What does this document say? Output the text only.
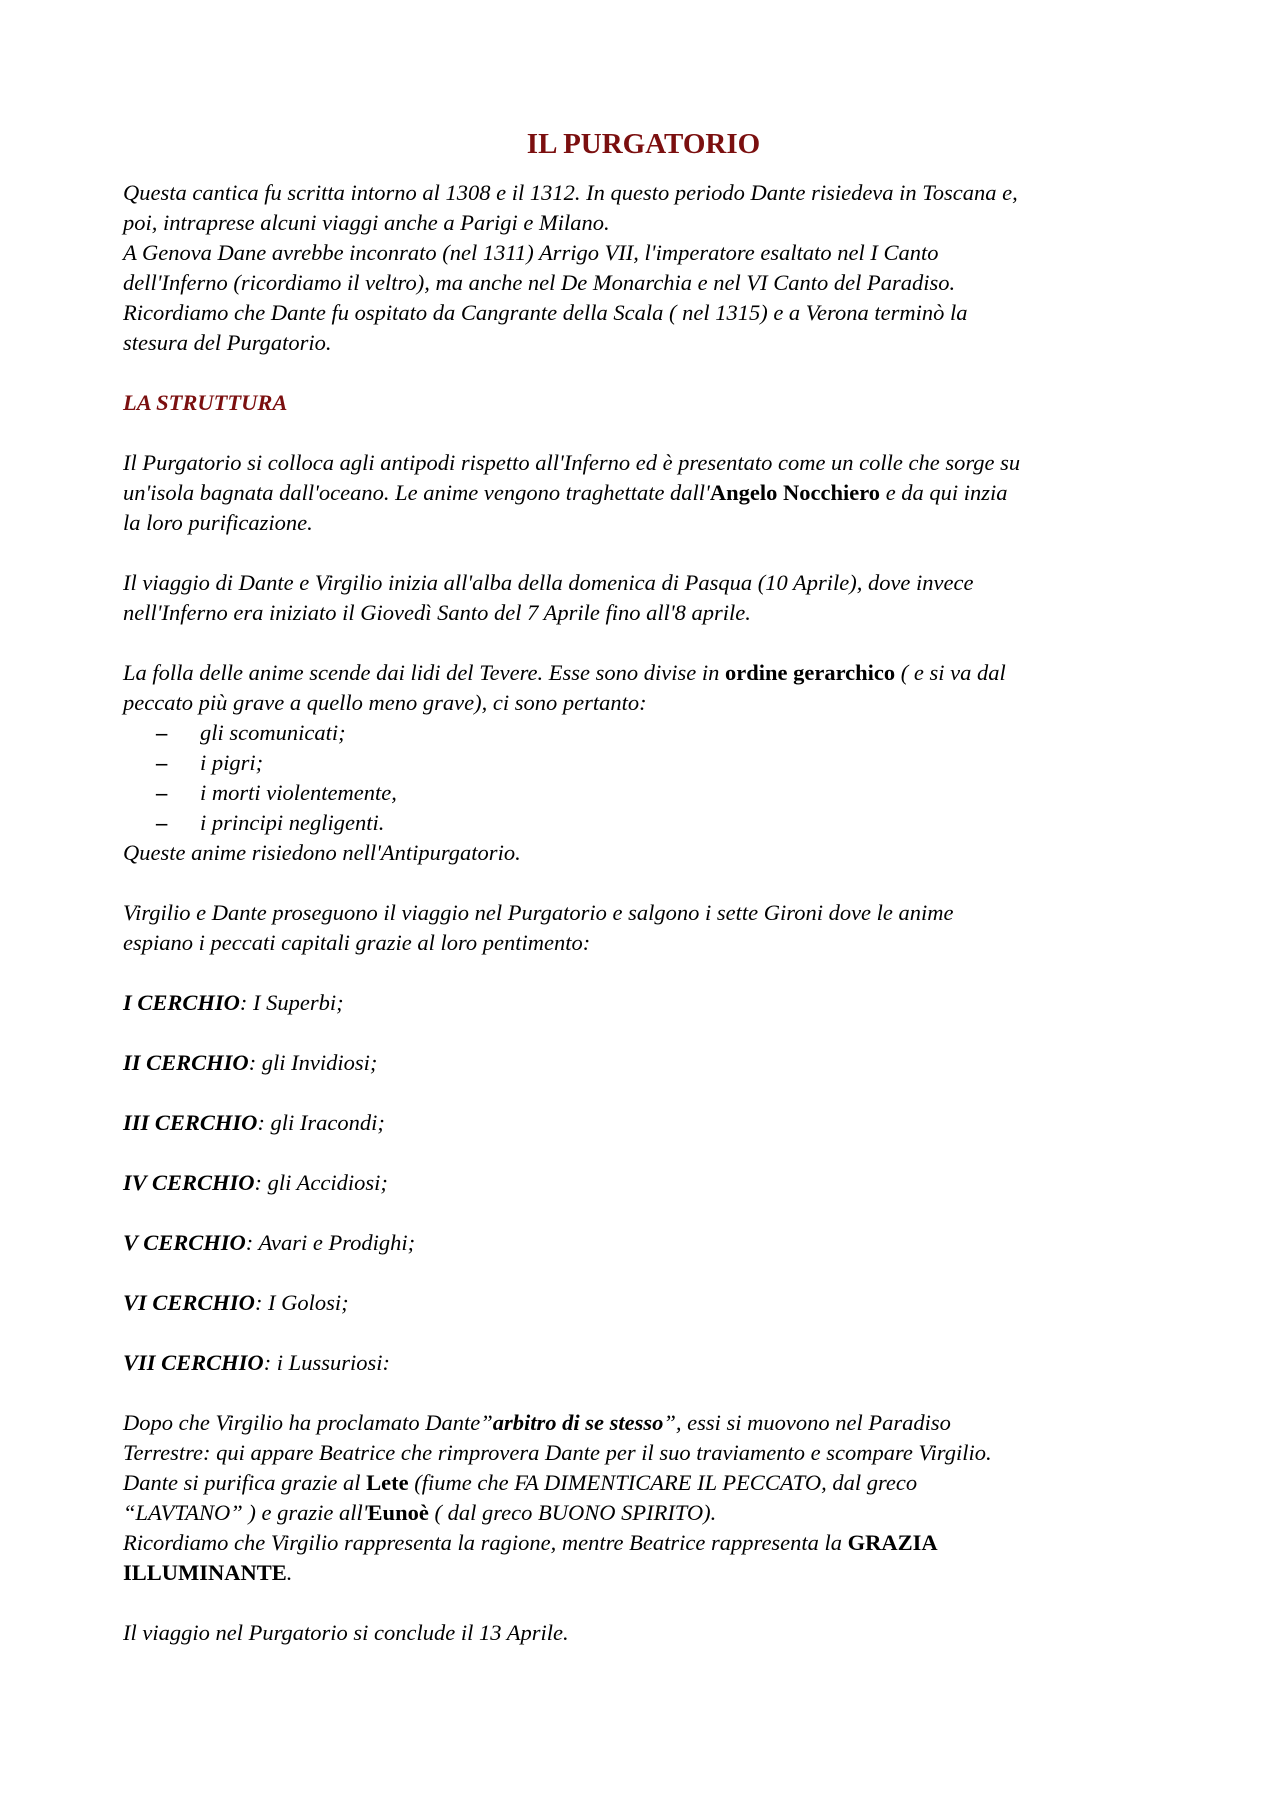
IL PURGATORIO

Questa cantica fu scritta intorno al 1308 e il 1312. In questo periodo Dante risiedeva in Toscana e,

poi, intraprese alcuni viaggi anche a Parigi e Milano.

A Genova Dane avrebbe inconrato (nel 1311) Arrigo VII, l'imperatore esaltato nel I Canto

dell'Inferno (ricordiamo il veltro), ma anche nel De Monarchia e nel VI Canto del Paradiso.

Ricordiamo che Dante fu ospitato da Cangrante della Scala ( nel 1315) e a Verona terminò la

stesura del Purgatorio.

LA STRUTTURA

Il Purgatorio si colloca agli antipodi rispetto all'Inferno ed è presentato come un colle che sorge su

un'isola bagnata dall'oceano. Le anime vengono traghettate dall'Angelo Nocchiero e da qui inzia

la loro purificazione.

Il viaggio di Dante e Virgilio inizia all'alba della domenica di Pasqua (10 Aprile), dove invece

nell'Inferno era iniziato il Giovedì Santo del 7 Aprile fino all'8 aprile.

La folla delle anime scende dai lidi del Tevere. Esse sono divise in ordine gerarchico ( e si va dal

peccato più grave a quello meno grave), ci sono pertanto:

– gli scomunicati;
– i pigri;
– i morti violentemente,
– i principi negligenti.

Queste anime risiedono nell'Antipurgatorio.

Virgilio e Dante proseguono il viaggio nel Purgatorio e salgono i sette Gironi dove le anime

espiano i peccati capitali grazie al loro pentimento:

I CERCHIO: I Superbi;

II CERCHIO: gli Invidiosi;

III CERCHIO: gli Iracondi;

IV CERCHIO: gli Accidiosi;

V CERCHIO: Avari e Prodighi;

VI CERCHIO: I Golosi;

VII CERCHIO: i Lussuriosi:

Dopo che Virgilio ha proclamato Dante”arbitro di se stesso”, essi si muovono nel Paradiso

Terrestre: qui appare Beatrice che rimprovera Dante per il suo traviamento e scompare Virgilio.

Dante si purifica grazie al Lete (fiume che FA DIMENTICARE IL PECCATO, dal greco

“LAVTANO” ) e grazie all'Eunoè ( dal greco BUONO SPIRITO).

Ricordiamo che Virgilio rappresenta la ragione, mentre Beatrice rappresenta la GRAZIA

ILLUMINANTE.

Il viaggio nel Purgatorio si conclude il 13 Aprile.
